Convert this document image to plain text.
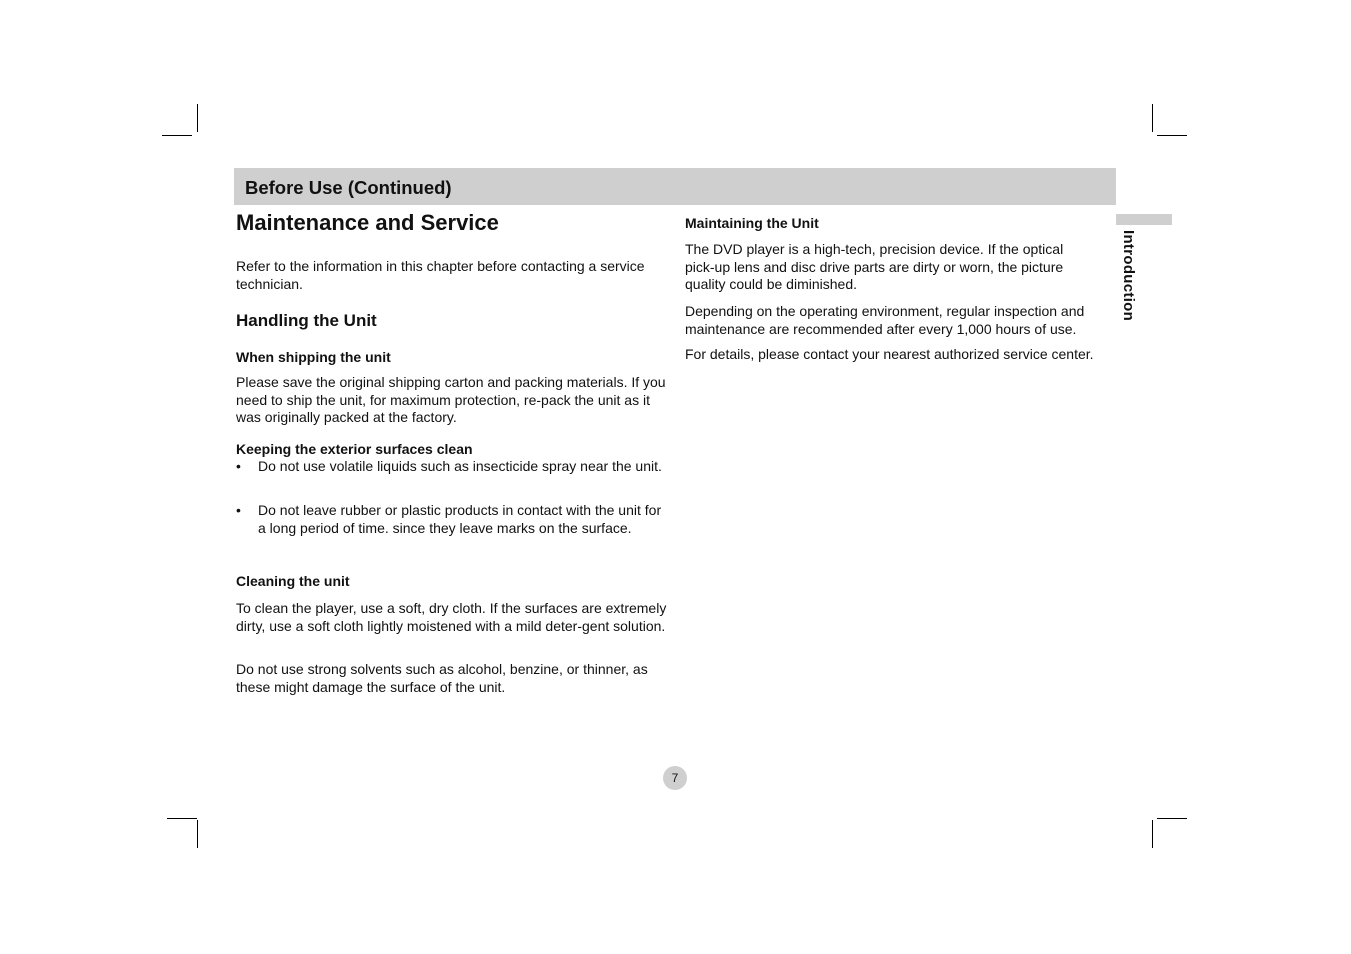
Before Use (Continued)
Introduction
Maintenance and Service

Refer to the information in this chapter before contacting a service technician.

Handling the Unit
When shipping the unit

Please save the original shipping carton and packing materials. If you need to ship the unit, for maximum protection, re-pack the unit as it was originally packed at the factory.

Keeping the exterior surfaces clean
•	Do not use volatile liquids such as insecticide spray near the unit.
•	Do not leave rubber or plastic products in contact with the unit for a long period of time. since they leave marks on the surface.
Cleaning the unit

To clean the player, use a soft, dry cloth. If the surfaces are extremely dirty, use a soft cloth lightly moistened with a mild deter-gent solution.

Do not use strong solvents such as alcohol, benzine, or thinner, as these might damage the surface of the unit.

Maintaining the Unit

The DVD player is a high-tech, precision device. If the optical pick-up lens and disc drive parts are dirty or worn, the picture quality could be diminished.

Depending on the operating environment, regular inspection and maintenance are recommended after every 1,000 hours of use.

For details, please contact your nearest authorized service center.

7
